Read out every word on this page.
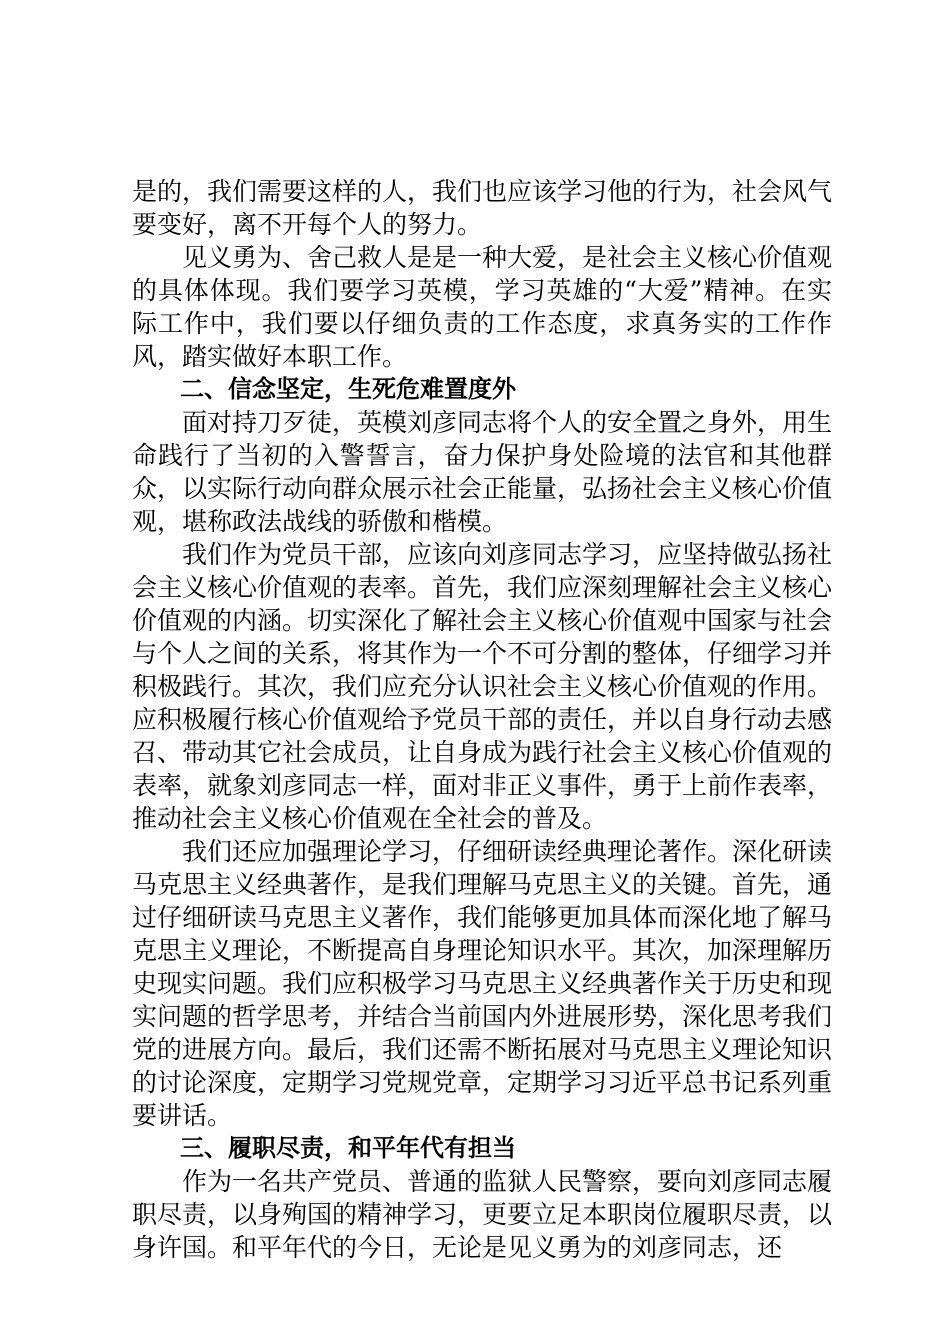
是的，我们需要这样的人，我们也应该学习他的行为，社会风气要变好，离不开每个人的努力。

见义勇为、舍己救人是是一种大爱，是社会主义核心价值观的具体体现。我们要学习英模，学习英雄的“大爱”精神。在实际工作中，我们要以仔细负责的工作态度，求真务实的工作作风，踏实做好本职工作。

二、信念坚定，生死危难置度外

面对持刀歹徒，英模刘彦同志将个人的安全置之身外，用生命践行了当初的入警誓言，奋力保护身处险境的法官和其他群众，以实际行动向群众展示社会正能量，弘扬社会主义核心价值观，堪称政法战线的骄傲和楷模。

我们作为党员干部，应该向刘彦同志学习，应坚持做弘扬社会主义核心价值观的表率。首先，我们应深刻理解社会主义核心价值观的内涵。切实深化了解社会主义核心价值观中国家与社会与个人之间的关系，将其作为一个不可分割的整体，仔细学习并积极践行。其次，我们应充分认识社会主义核心价值观的作用。应积极履行核心价值观给予党员干部的责任，并以自身行动去感召、带动其它社会成员，让自身成为践行社会主义核心价值观的表率，就象刘彦同志一样，面对非正义事件，勇于上前作表率，推动社会主义核心价值观在全社会的普及。

我们还应加强理论学习，仔细研读经典理论著作。深化研读马克思主义经典著作，是我们理解马克思主义的关键。首先，通过仔细研读马克思主义著作，我们能够更加具体而深化地了解马克思主义理论，不断提高自身理论知识水平。其次，加深理解历史现实问题。我们应积极学习马克思主义经典著作关于历史和现实问题的哲学思考，并结合当前国内外进展形势，深化思考我们党的进展方向。最后，我们还需不断拓展对马克思主义理论知识的讨论深度，定期学习党规党章，定期学习习近平总书记系列重要讲话。

三、履职尽责，和平年代有担当

作为一名共产党员、普通的监狱人民警察，要向刘彦同志履职尽责，以身殉国的精神学习，更要立足本职岗位履职尽责，以身许国。和平年代的今日，无论是见义勇为的刘彦同志，还
